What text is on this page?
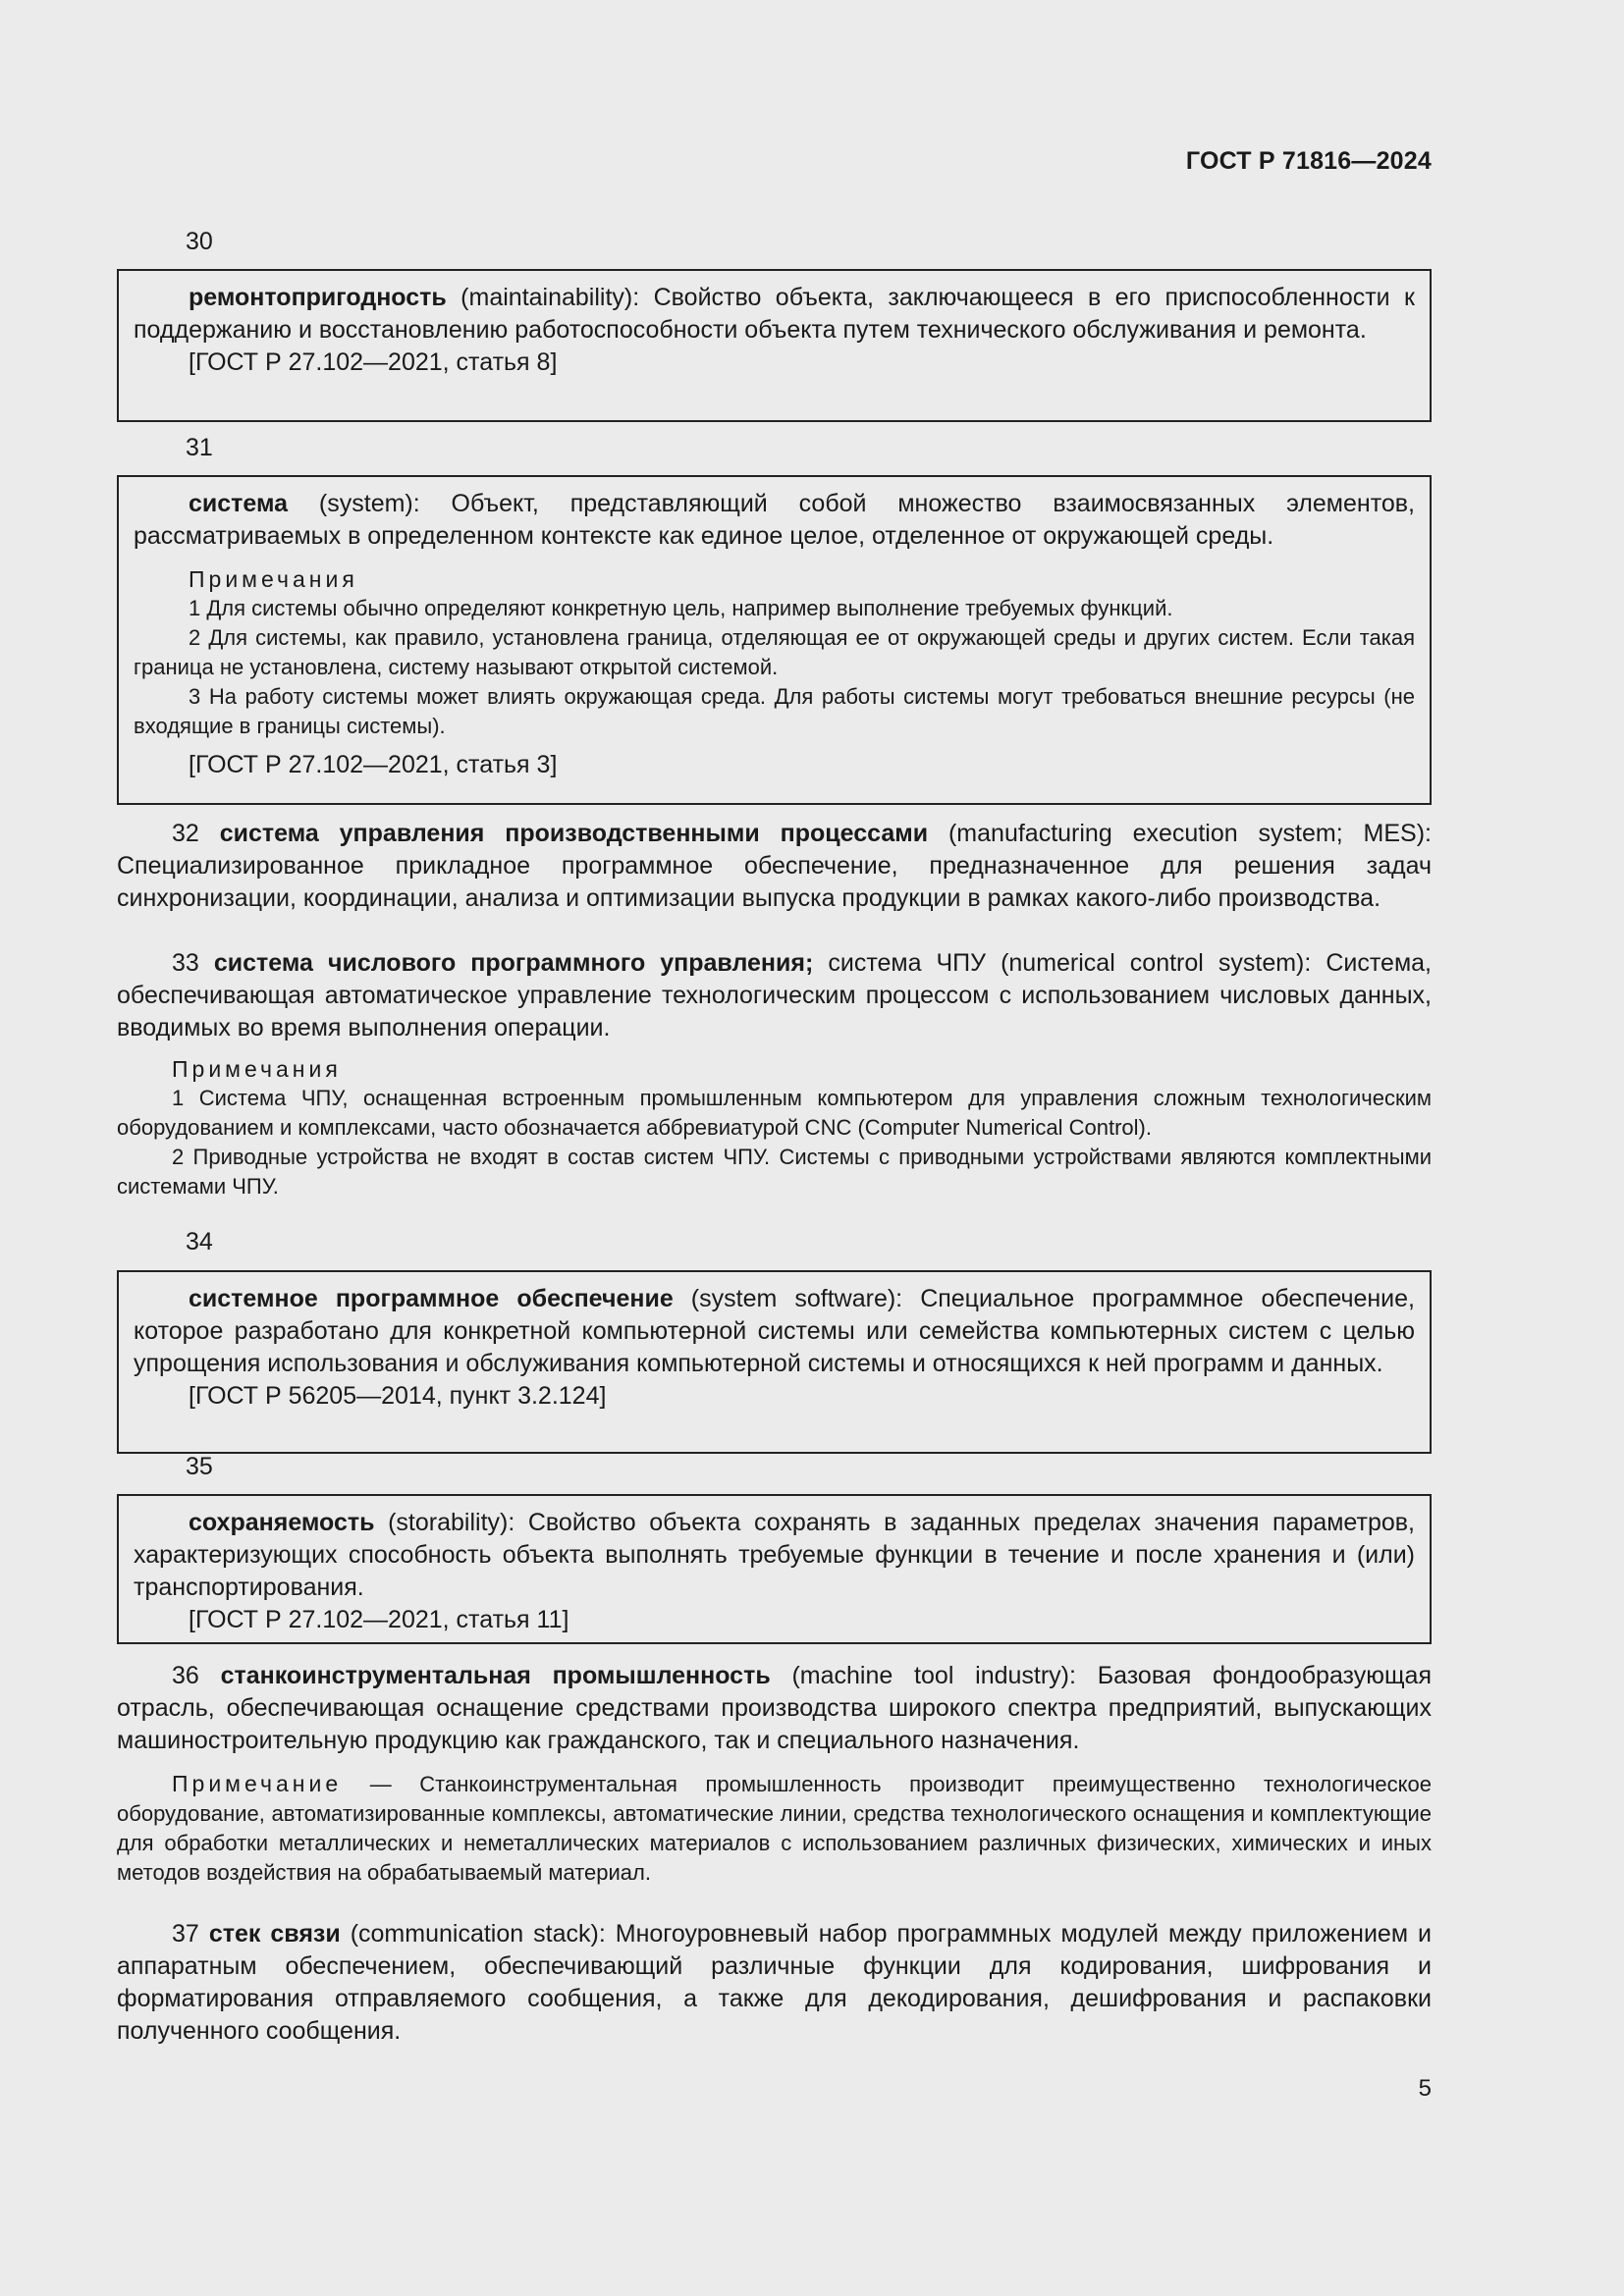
ГОСТ Р 71816—2024
30

ремонтопригодность (maintainability): Свойство объекта, заключающееся в его приспособленности к поддержанию и восстановлению работоспособности объекта путем технического обслуживания и ремонта.

[ГОСТ Р 27.102—2021, статья 8]

31

система (system): Объект, представляющий собой множество взаимосвязанных элементов, рассматриваемых в определенном контексте как единое целое, отделенное от окружающей среды.

Примечания

1 Для системы обычно определяют конкретную цель, например выполнение требуемых функций.

2 Для системы, как правило, установлена граница, отделяющая ее от окружающей среды и других систем. Если такая граница не установлена, систему называют открытой системой.

3 На работу системы может влиять окружающая среда. Для работы системы могут требоваться внешние ресурсы (не входящие в границы системы).

[ГОСТ Р 27.102—2021, статья 3]

32 система управления производственными процессами (manufacturing execution system; MES): Специализированное прикладное программное обеспечение, предназначенное для решения задач синхронизации, координации, анализа и оптимизации выпуска продукции в рамках какого-либо производства.

33 система числового программного управления; система ЧПУ (numerical control system): Система, обеспечивающая автоматическое управление технологическим процессом с использованием числовых данных, вводимых во время выполнения операции.

Примечания

1 Система ЧПУ, оснащенная встроенным промышленным компьютером для управления сложным технологическим оборудованием и комплексами, часто обозначается аббревиатурой CNC (Computer Numerical Control).

2 Приводные устройства не входят в состав систем ЧПУ. Системы с приводными устройствами являются комплектными системами ЧПУ.

34

системное программное обеспечение (system software): Специальное программное обеспечение, которое разработано для конкретной компьютерной системы или семейства компьютерных систем с целью упрощения использования и обслуживания компьютерной системы и относящихся к ней программ и данных.

[ГОСТ Р 56205—2014, пункт 3.2.124]

35

сохраняемость (storability): Свойство объекта сохранять в заданных пределах значения параметров, характеризующих способность объекта выполнять требуемые функции в течение и после хранения и (или) транспортирования.

[ГОСТ Р 27.102—2021, статья 11]

36 станкоинструментальная промышленность (machine tool industry): Базовая фондообразующая отрасль, обеспечивающая оснащение средствами производства широкого спектра предприятий, выпускающих машиностроительную продукцию как гражданского, так и специального назначения.

Примечание — Станкоинструментальная промышленность производит преимущественно технологическое оборудование, автоматизированные комплексы, автоматические линии, средства технологического оснащения и комплектующие для обработки металлических и неметаллических материалов с использованием различных физических, химических и иных методов воздействия на обрабатываемый материал.

37 стек связи (communication stack): Многоуровневый набор программных модулей между приложением и аппаратным обеспечением, обеспечивающий различные функции для кодирования, шифрования и форматирования отправляемого сообщения, а также для декодирования, дешифрования и распаковки полученного сообщения.

5
